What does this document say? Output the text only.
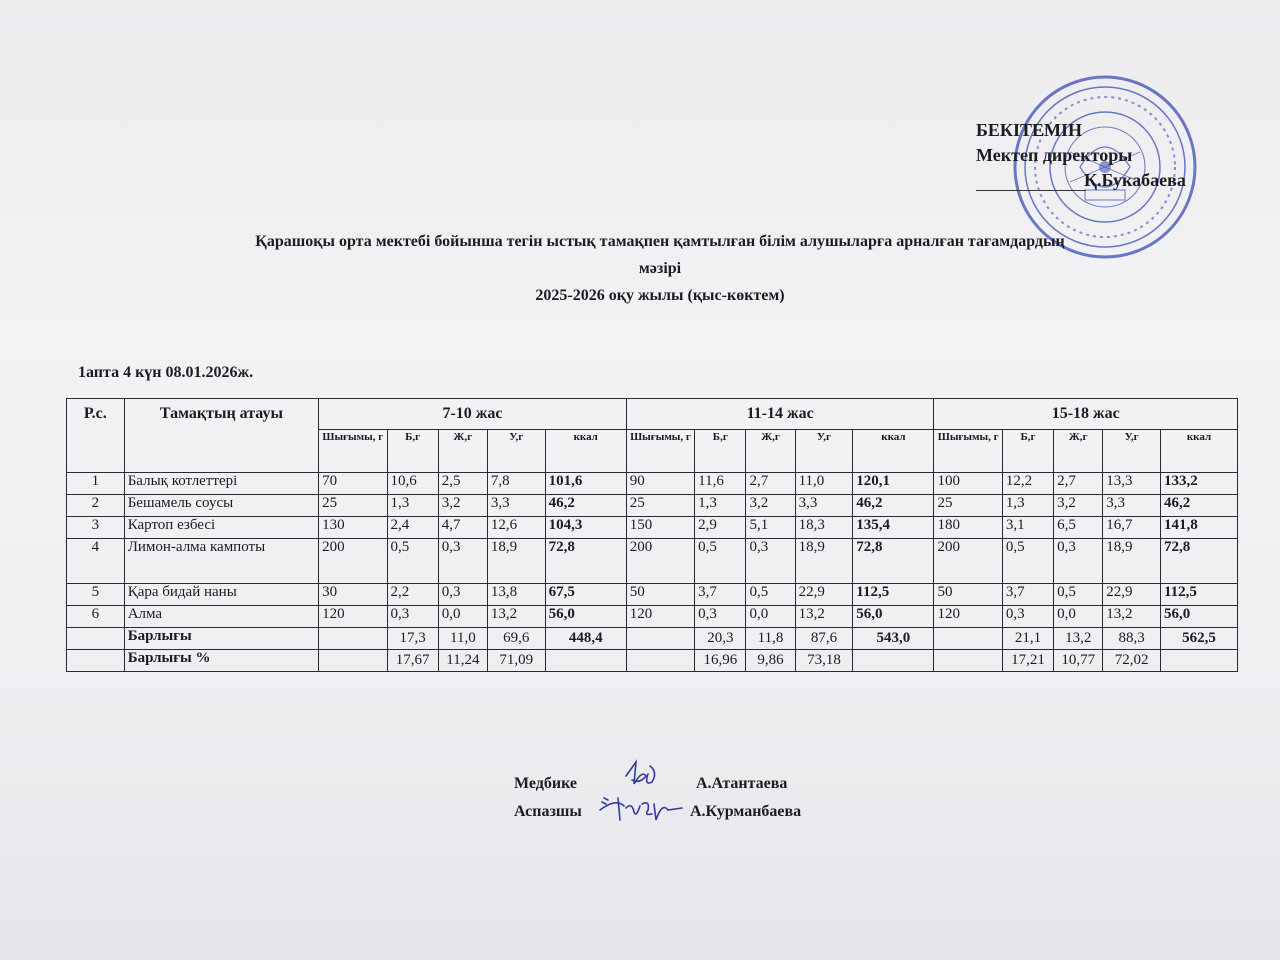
БЕКІТЕМІН
Мектеп директоры
Қ.Букабаева
Қарашоқы орта мектебі бойынша тегін ыстық тамақпен қамтылған білім алушыларға арналған тағамдардың
мәзірі
2025-2026 оқу жылы (қыс-көктем)
1апта 4 күн 08.01.2026ж.
Р.с.	Тамақтың атауы	7-10 жас					11-14 жас					15-18 жас				
		Шығымы, г	Б,г	Ж,г	У,г	ккал	Шығымы, г	Б,г	Ж,г	У,г	ккал	Шығымы, г	Б,г	Ж,г	У,г	ккал
1	Балық котлеттері	70	10,6	2,5	7,8	101,6	90	11,6	2,7	11,0	120,1	100	12,2	2,7	13,3	133,2
2	Бешамель соусы	25	1,3	3,2	3,3	46,2	25	1,3	3,2	3,3	46,2	25	1,3	3,2	3,3	46,2
3	Картоп езбесі	130	2,4	4,7	12,6	104,3	150	2,9	5,1	18,3	135,4	180	3,1	6,5	16,7	141,8
4	Лимон-алма кампоты	200	0,5	0,3	18,9	72,8	200	0,5	0,3	18,9	72,8	200	0,5	0,3	18,9	72,8
5	Қара бидай наны	30	2,2	0,3	13,8	67,5	50	3,7	0,5	22,9	112,5	50	3,7	0,5	22,9	112,5
6	Алма	120	0,3	0,0	13,2	56,0	120	0,3	0,0	13,2	56,0	120	0,3	0,0	13,2	56,0
	Барлығы		17,3	11,0	69,6	448,4		20,3	11,8	87,6	543,0		21,1	13,2	88,3	562,5
	Барлығы %		17,67	11,24	71,09			16,96	9,86	73,18			17,21	10,77	72,02	
Медбике
Аспазшы
А.Атантаева
А.Курманбаева
